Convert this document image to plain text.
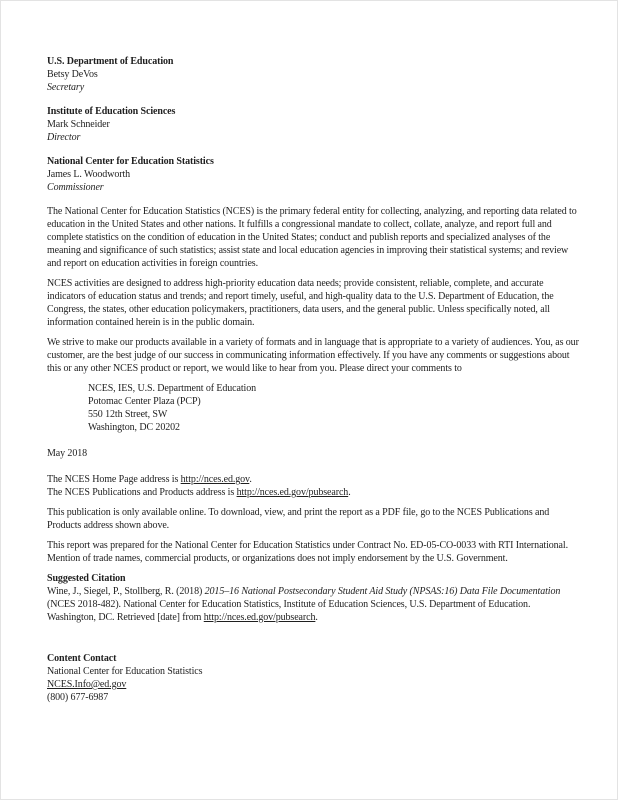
U.S. Department of Education

Betsy DeVos

Secretary

Institute of Education Sciences

Mark Schneider

Director

National Center for Education Statistics

James L. Woodworth

Commissioner

The National Center for Education Statistics (NCES) is the primary federal entity for collecting, analyzing, and reporting data related to education in the United States and other nations. It fulfills a congressional mandate to collect, collate, analyze, and report full and complete statistics on the condition of education in the United States; conduct and publish reports and specialized analyses of the meaning and significance of such statistics; assist state and local education agencies in improving their statistical systems; and review and report on education activities in foreign countries.

NCES activities are designed to address high-priority education data needs; provide consistent, reliable, complete, and accurate indicators of education status and trends; and report timely, useful, and high-quality data to the U.S. Department of Education, the Congress, the states, other education policymakers, practitioners, data users, and the general public. Unless specifically noted, all information contained herein is in the public domain.

We strive to make our products available in a variety of formats and in language that is appropriate to a variety of audiences. You, as our customer, are the best judge of our success in communicating information effectively. If you have any comments or suggestions about this or any other NCES product or report, we would like to hear from you. Please direct your comments to

NCES, IES, U.S. Department of Education

Potomac Center Plaza (PCP)

550 12th Street, SW

Washington, DC 20202

May 2018

The NCES Home Page address is http://nces.ed.gov.

The NCES Publications and Products address is http://nces.ed.gov/pubsearch.

This publication is only available online. To download, view, and print the report as a PDF file, go to the NCES Publications and Products address shown above.

This report was prepared for the National Center for Education Statistics under Contract No. ED-05-CO-0033 with RTI International. Mention of trade names, commercial products, or organizations does not imply endorsement by the U.S. Government.

Suggested Citation

Wine, J., Siegel, P., Stollberg, R. (2018) 2015–16 National Postsecondary Student Aid Study (NPSAS:16) Data File Documentation (NCES 2018-482). National Center for Education Statistics, Institute of Education Sciences, U.S. Department of Education. Washington, DC. Retrieved [date] from http://nces.ed.gov/pubsearch.

Content Contact

National Center for Education Statistics

NCES.Info@ed.gov

(800) 677-6987
